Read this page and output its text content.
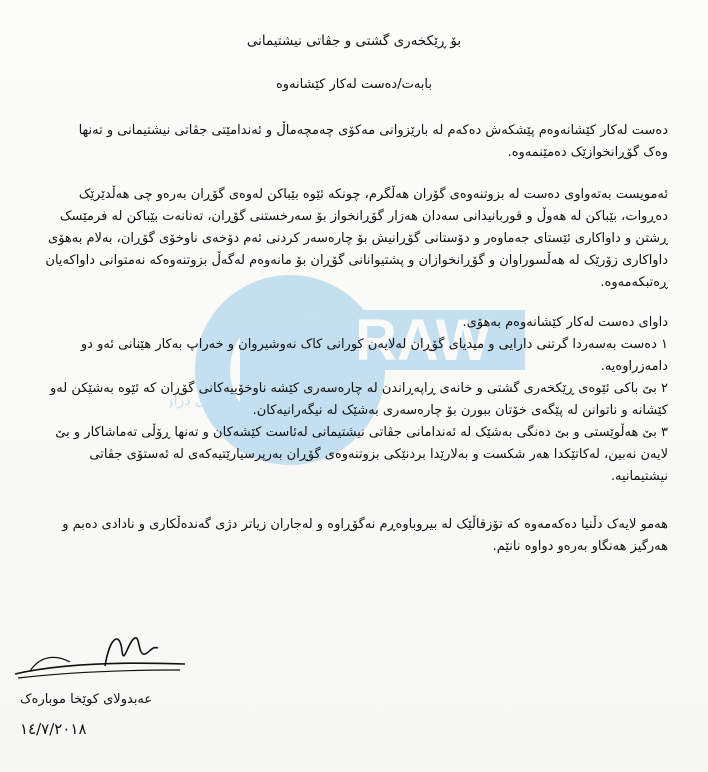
RAW
دەزگای راگەیاندن و میدیای دراو
بۆ ڕێکخەری گشتی و جڤاتی نیشتیمانی
بابەت/دەست لەکار کێشانەوە

دەست لەکار کێشانەوەم پێشکەش دەکەم لە بارێزوانی مەکۆی چەمچەماڵ و ئەندامێتی جڤاتی نیشتیمانی و تەنها وەک گۆڕانخوازێک دەمێنمەوە.

ئەمویست بەتەواوی دەست لە بزوتنەوەی گۆران هەڵگرم، چونکە ئێوە بێباکن لەوەی گۆڕان بەرەو چی هەڵدێرێک دەڕوات، بێباکن لە هەوڵ و قوربانیدانی سەدان هەزار گۆڕانخواز بۆ سەرخستنی گۆڕان، تەنانەت بێباکن لە فرمێسک ڕشتن و داواکاری ئێستای جەماوەر و دۆستانی گۆڕانیش بۆ چارەسەر کردنی ئەم دۆخەی ناوخۆی گۆڕان، بەلام بەهۆی داواکاری زۆرێک لە هەڵسوراوان و گۆڕانخوازان و پشتیوانانی گۆڕان بۆ مانەوەم لەگەڵ بزوتنەوەکە نەمتوانی داواکەیان ڕەتبکەمەوە.

داوای دەست لەکار کێشانەوەم بەهۆی.

١ دەست بەسەردا گرتنی دارایی و میدیای گۆڕان لەلایەن کورانی کاک نەوشیروان و خەراپ بەکار هێنانی ئەو دو دامەزراوەیە.

٢ بێ باکی ئێوەی ڕێکخەری گشتی و خانەی ڕاپەڕاندن لە چارەسەری کێشە ناوخۆییەکانی گۆڕان کە ئێوە بەشێکن لەو کێشانە و ناتوانن لە پێگەی خۆتان ببورن بۆ چارەسەری بەشێک لە نیگەرانیەکان.

٣ بێ هەڵوێستی و بێ دەنگی بەشێک لە ئەندامانی جڤاتی نیشتیمانی لەئاست کێشەکان و تەنها ڕۆڵی تەماشاکار و بێ لایەن نەبین، لەکاتێکدا هەر شکست و بەلارێدا بردنێکی بزوتنەوەی گۆڕان بەرپرسیارێتیەکەی لە ئەستۆی جڤاتی نیشتیمانیە.

هەمو لایەک دڵنیا دەکەمەوە کە تۆزقاڵێک لە بیروباوەڕم نەگۆڕاوە و لەجاران زیاتر دژی گەندەڵکاری و نادادی دەبم و هەرگیز هەنگاو بەرەو دواوە نانێم.

عەبدولای کوێخا موبارەک
١٤/٧/٢٠١٨
